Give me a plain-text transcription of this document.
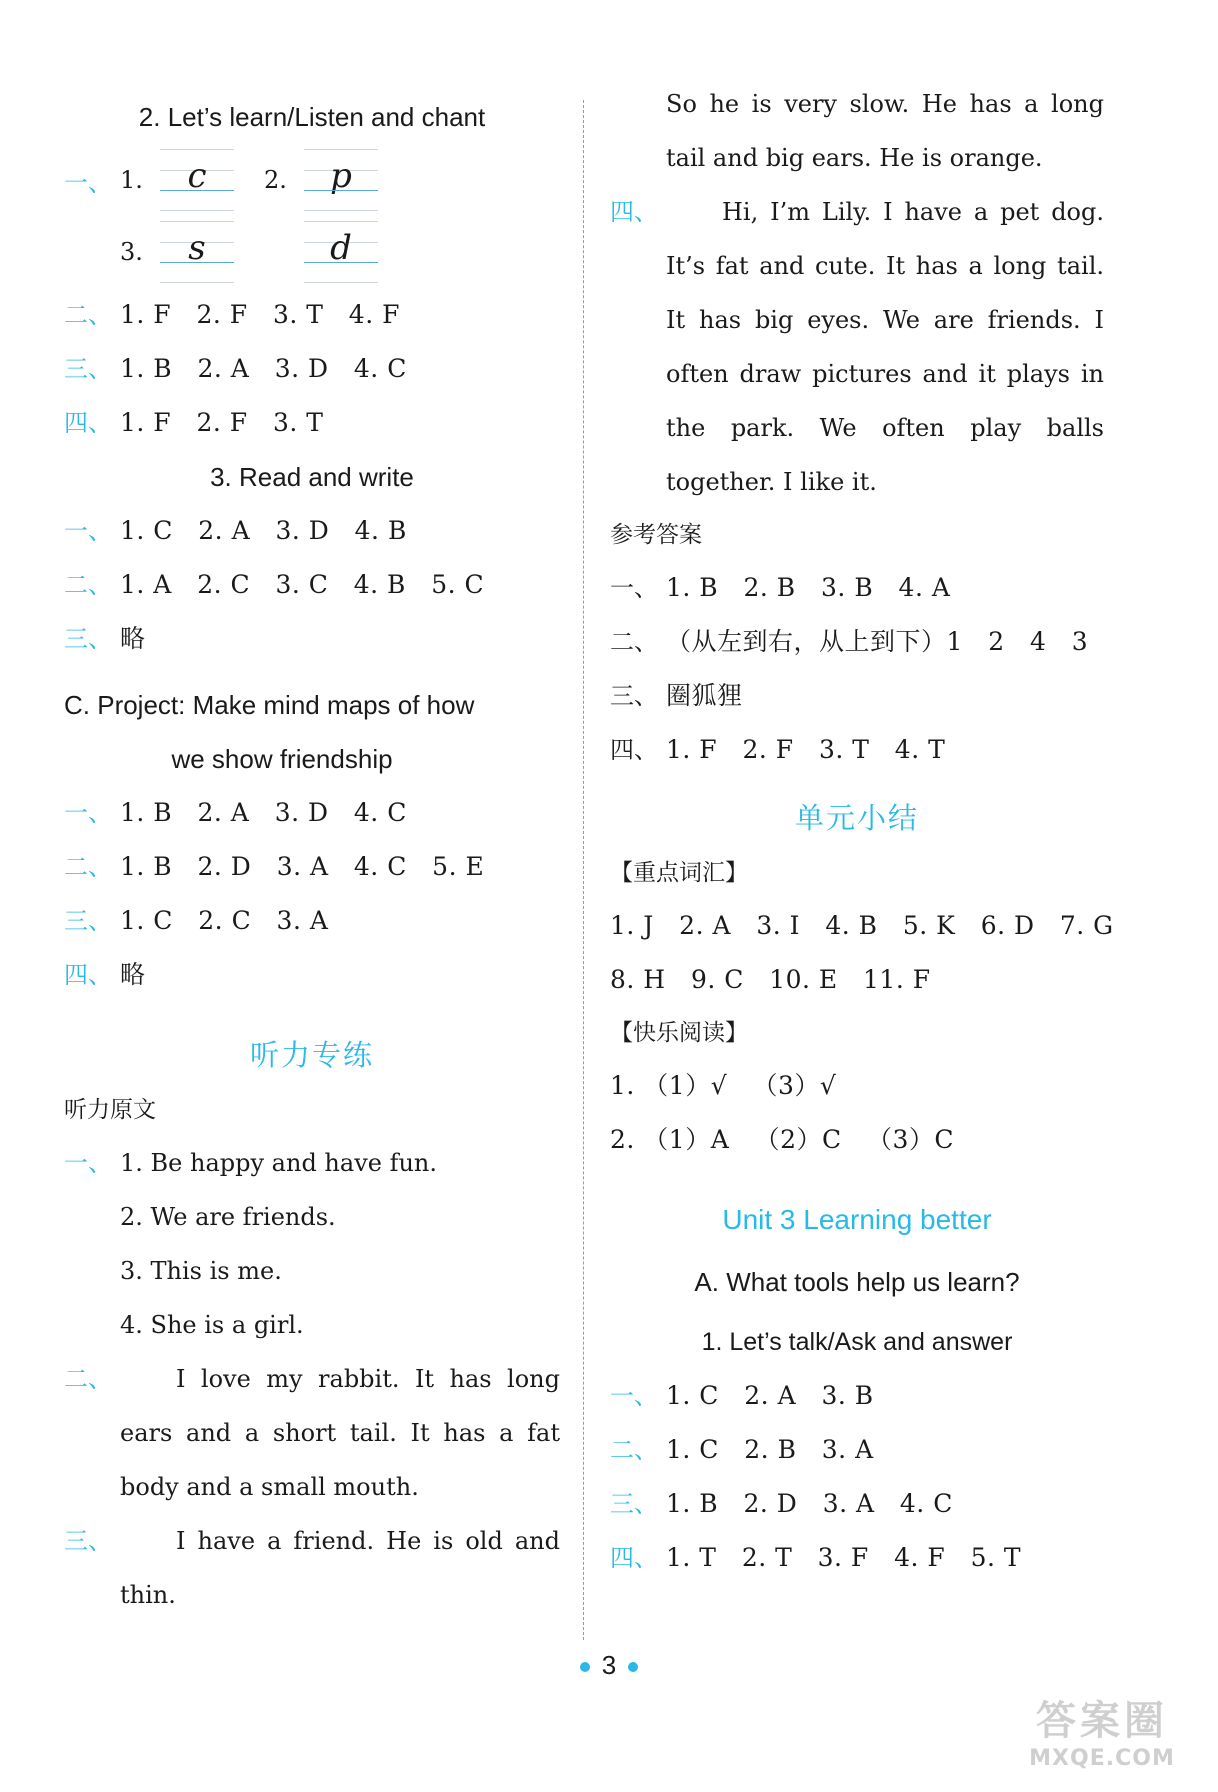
2. Let’s learn/Listen and chant
一、 1.	c	2.	p
3.	s	d
二、 1. F   2. F   3. T   4. F
三、 1. B   2. A   3. D   4. C
四、 1. F   2. F   3. T
3. Read and write
一、 1. C   2. A   3. D   4. B
二、 1. A   2. C   3. C   4. B   5. C
三、 略
C. Project: Make mind maps of how
we show friendship
一、 1. B   2. A   3. D   4. C
二、 1. B   2. D   3. A   4. C   5. E
三、 1. C   2. C   3. A
四、 略
听力专练
听力原文
一、 1. Be happy and have fun.
2. We are friends.
3. This is me.
4. She is a girl.
二、	I love my rabbit. It has long ears and a short tail. It has a fat body and a small mouth.
三、	I have a friend. He is old and thin.
So he is very slow. He has a long tail and big ears. He is orange.
四、	Hi, I’m Lily. I have a pet dog. It’s fat and cute. It has a long tail. It has big eyes. We are friends. I often draw pictures and it plays in the park. We often play balls together. I like it.
参考答案
一、 1. B   2. B   3. B   4. A
二、 （从左到右，从上到下）1   2   4   3
三、 圈狐狸
四、 1. F   2. F   3. T   4. T
单元小结
【重点词汇】
1. J   2. A   3. I   4. B   5. K   6. D   7. G
8. H   9. C   10. E   11. F
【快乐阅读】
1. （1）√   （3）√
2. （1）A   （2）C   （3）C
Unit 3 Learning better
A. What tools help us learn?
1. Let’s talk/Ask and answer
一、 1. C   2. A   3. B
二、 1. C   2. B   3. A
三、 1. B   2. D   3. A   4. C
四、 1. T   2. T   3. F   4. F   5. T
3
答案圈
MXQE.COM
